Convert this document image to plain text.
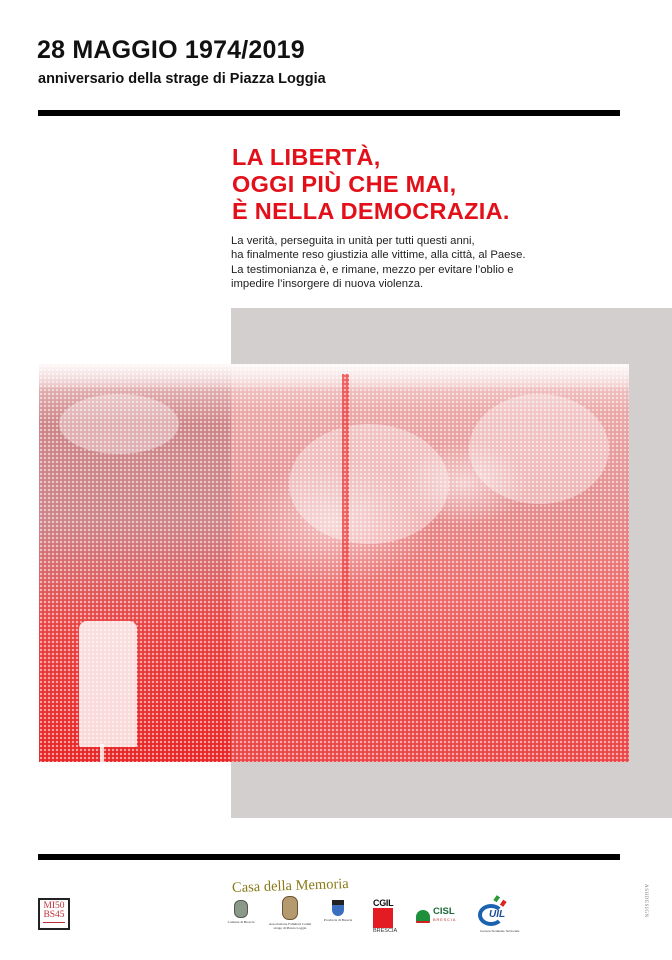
28 MAGGIO 1974/2019
anniversario della strage di Piazza Loggia
LA LIBERTÀ,
OGGI PIÙ CHE MAI,
È NELLA DEMOCRAZIA.
La verità, perseguita in unità per tutti questi anni,
ha finalmente reso giustizia alle vittime, alla città, al Paese.
La testimonianza è, e rimane, mezzo per evitare l’oblio e
impedire l’insorgere di nuova violenza.
MI50
BS45
Casa della Memoria
Comune di Brescia	Associazione Familiari Caduti strage di Piazza Loggia
Provincia di Brescia
CGIL
BRESCIA
CISL
BRESCIA	UIL
Camera Sindacale Territoriale
ASHDESIGN
